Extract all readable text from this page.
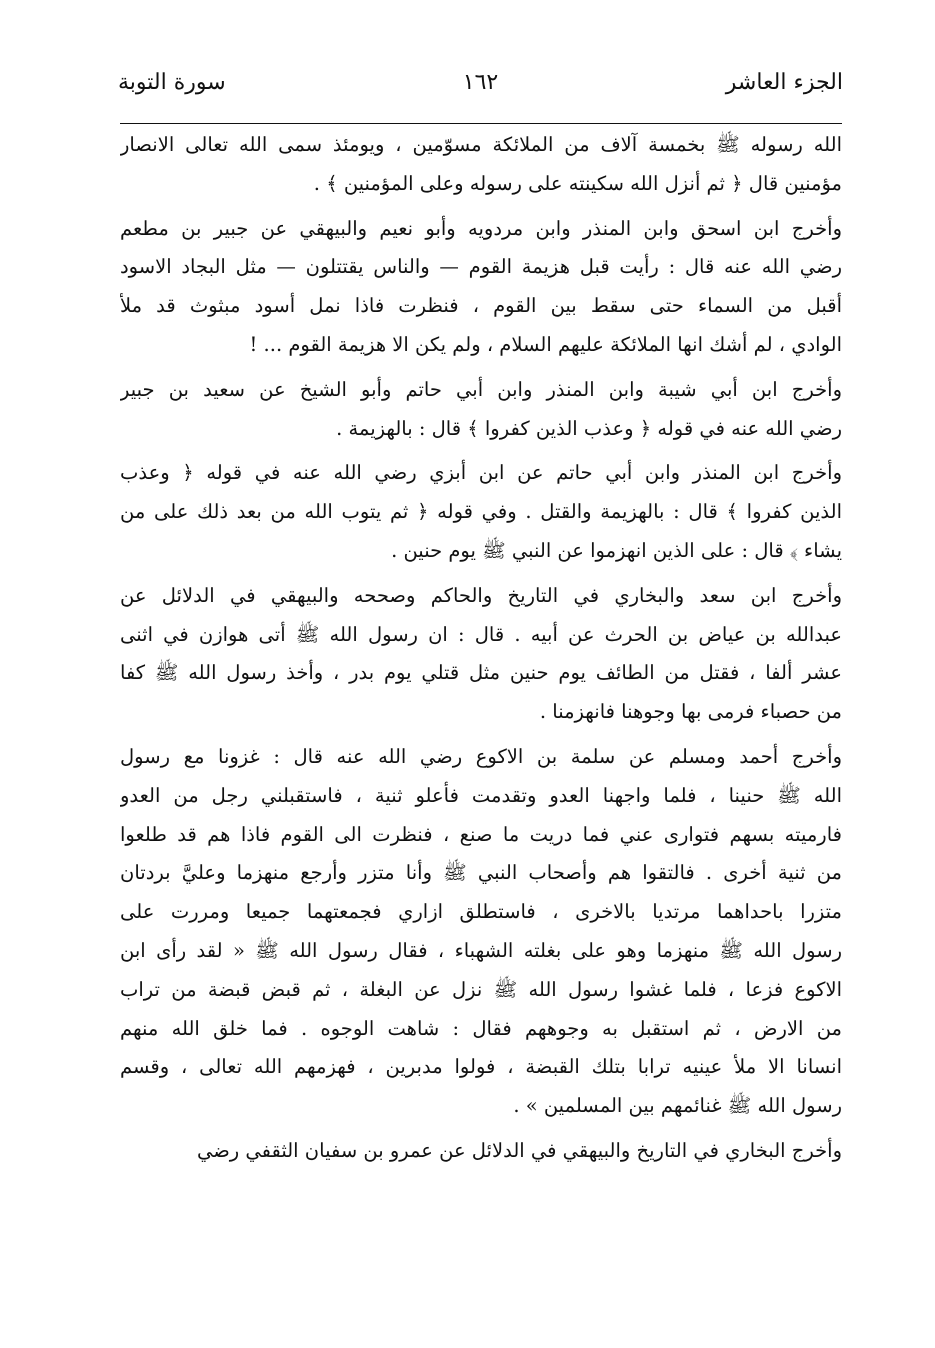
الجزء العاشر
١٦٢
سورة التوبة
الله رسوله ﷺ بخمسة آلاف من الملائكة مسوّمين ، ويومئذ سمى الله تعالى الانصار
مؤمنين قال ﴿ ثم أنزل الله سكينته على رسوله وعلى المؤمنين ﴾ .
وأخرج ابن اسحق وابن المنذر وابن مردويه وأبو نعيم والبيهقي عن جبير بن مطعم
رضي الله عنه قال : رأيت قبل هزيمة القوم — والناس يقتتلون — مثل البجاد الاسود
أقبل من السماء حتى سقط بين القوم ، فنظرت فاذا نمل أسود مبثوث قد ملأ
الوادي ، لم أشك انها الملائكة عليهم السلام ، ولم يكن الا هزيمة القوم ... !
وأخرج ابن أبي شيبة وابن المنذر وابن أبي حاتم وأبو الشيخ عن سعيد بن جبير
رضي الله عنه في قوله ﴿ وعذب الذين كفروا ﴾ قال : بالهزيمة .
وأخرج ابن المنذر وابن أبي حاتم عن ابن أبزي رضي الله عنه في قوله ﴿ وعذب
الذين كفروا ﴾ قال : بالهزيمة والقتل . وفي قوله ﴿ ثم يتوب الله من بعد ذلك على من
يشاء ﴾ قال : على الذين انهزموا عن النبي ﷺ يوم حنين .
وأخرج ابن سعد والبخاري في التاريخ والحاكم وصححه والبيهقي في الدلائل عن
عبدالله بن عياض بن الحرث عن أبيه . قال : ان رسول الله ﷺ أتى هوازن في اثنى
عشر ألفا ، فقتل من الطائف يوم حنين مثل قتلي يوم بدر ، وأخذ رسول الله ﷺ كفا
من حصباء فرمى بها وجوهنا فانهزمنا .
وأخرج أحمد ومسلم عن سلمة بن الاكوع رضي الله عنه قال : غزونا مع رسول
الله ﷺ حنينا ، فلما واجهنا العدو وتقدمت فأعلو ثنية ، فاستقبلني رجل من العدو
فارميته بسهم فتوارى عني فما دريت ما صنع ، فنظرت الى القوم فاذا هم قد طلعوا
من ثنية أخرى . فالتقوا هم وأصحاب النبي ﷺ وأنا متزر وأرجع منهزما وعليَّ بردتان
متزرا باحداهما مرتديا بالاخرى ، فاستطلق ازاري فجمعتهما جميعا ومررت على
رسول الله ﷺ منهزما وهو على بغلته الشهباء ، فقال رسول الله ﷺ « لقد رأى ابن
الاكوع فزعا ، فلما غشوا رسول الله ﷺ نزل عن البغلة ، ثم قبض قبضة من تراب
من الارض ، ثم استقبل به وجوههم فقال : شاهت الوجوه . فما خلق الله منهم
انسانا الا ملأ عينيه ترابا بتلك القبضة ، فولوا مدبرين ، فهزمهم الله تعالى ، وقسم
رسول الله ﷺ غنائمهم بين المسلمين » .
وأخرج البخاري في التاريخ والبيهقي في الدلائل عن عمرو بن سفيان الثقفي رضي
